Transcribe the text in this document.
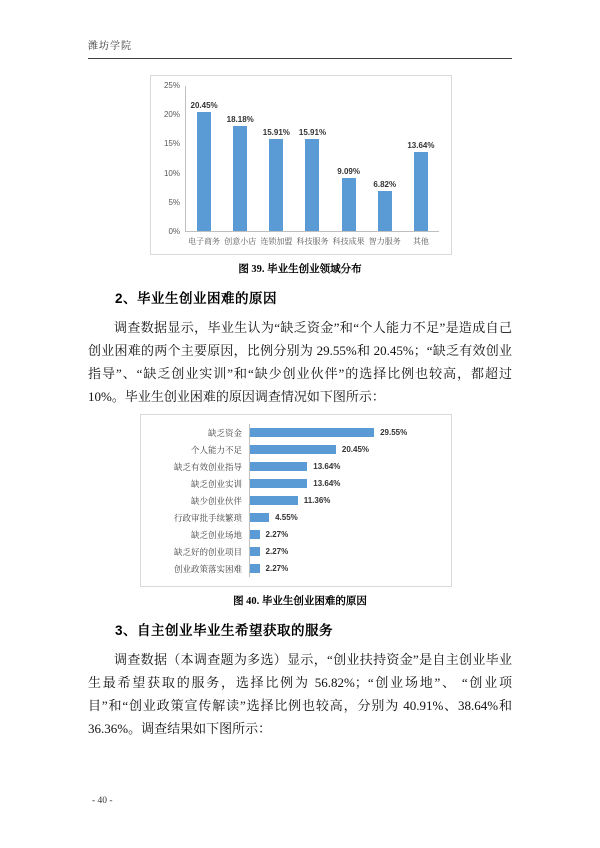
潍坊学院
25%
20%
15%
10%
5%
0%
20.45%
18.18%
15.91% 15.91%
9.09%
6.82%
13.64%
电子商务 创意小店 连锁加盟 科技服务 科技成果 智力服务	其他
图 39. 毕业生创业领域分布
2、毕业生创业困难的原因
调查数据显示，毕业生认为“缺乏资金”和“个人能力不足”是造成自己创业困难的两个主要原因，比例分别为 29.55%和 20.45%；“缺乏有效创业指导”、“缺乏创业实训”和“缺少创业伙伴”的选择比例也较高，都超过 10%。毕业生创业困难的原因调查情况如下图所示：
缺乏资金	29.55%
个人能力不足	20.45%
缺乏有效创业指导	13.64%
缺乏创业实训	13.64%
缺少创业伙伴	11.36%
行政审批手续繁琐	4.55%
缺乏创业场地	2.27%
缺乏好的创业项目	2.27%
创业政策落实困难	2.27%
图 40. 毕业生创业困难的原因
3、自主创业毕业生希望获取的服务
调查数据（本调查题为多选）显示，“创业扶持资金”是自主创业毕业生最希望获取的服务，选择比例为 56.82%；“创业场地”、 “创业项目”和“创业政策宣传解读”选择比例也较高，分别为 40.91%、38.64%和 36.36%。调查结果如下图所示：
- 40 -
